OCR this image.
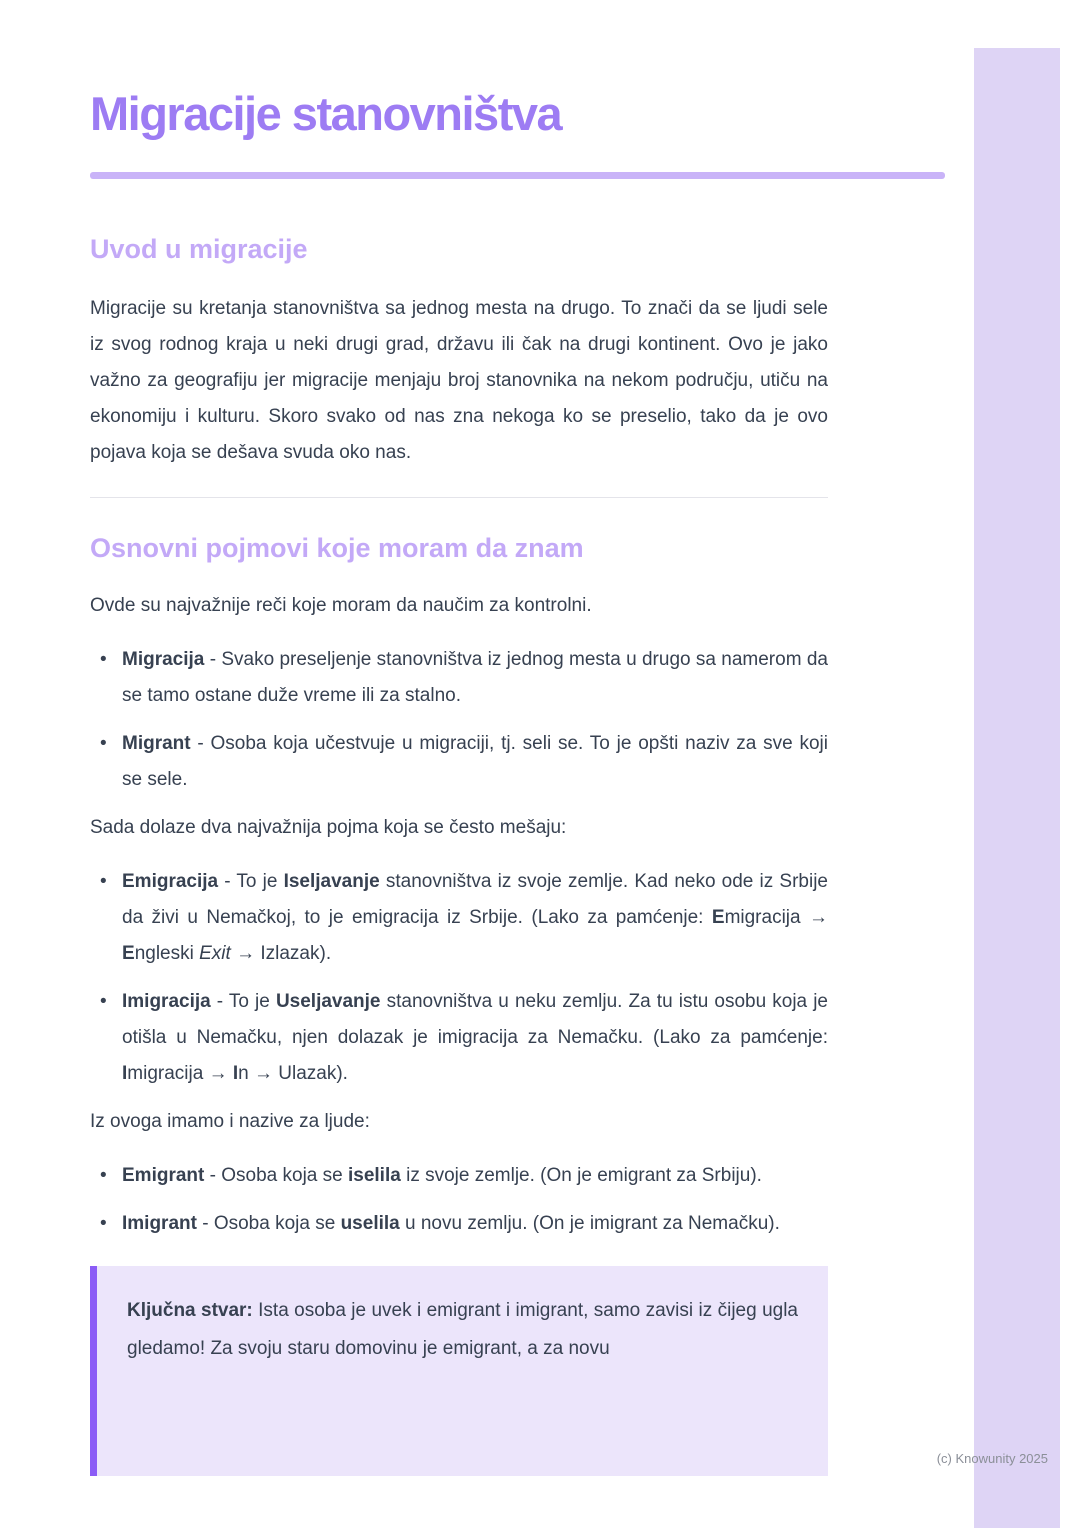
(c) Knowunity 2025
Migracije stanovništva
Uvod u migracije

Migracije su kretanja stanovništva sa jednog mesta na drugo. To znači da se ljudi sele iz svog rodnog kraja u neki drugi grad, državu ili čak na drugi kontinent. Ovo je jako važno za geografiju jer migracije menjaju broj stanovnika na nekom području, utiču na ekonomiju i kulturu. Skoro svako od nas zna nekoga ko se preselio, tako da je ovo pojava koja se dešava svuda oko nas.

Osnovni pojmovi koje moram da znam

Ovde su najvažnije reči koje moram da naučim za kontrolni.

• Migracija - Svako preseljenje stanovništva iz jednog mesta u drugo sa namerom da se tamo ostane duže vreme ili za stalno.
• Migrant - Osoba koja učestvuje u migraciji, tj. seli se. To je opšti naziv za sve koji se sele.

Sada dolaze dva najvažnija pojma koja se često mešaju:

• Emigracija - To je Iseljavanje stanovništva iz svoje zemlje. Kad neko ode iz Srbije da živi u Nemačkoj, to je emigracija iz Srbije. (Lako za pamćenje: Emigracija → Engleski Exit → Izlazak).
• Imigracija - To je Useljavanje stanovništva u neku zemlju. Za tu istu osobu koja je otišla u Nemačku, njen dolazak je imigracija za Nemačku. (Lako za pamćenje: Imigracija → In → Ulazak).

Iz ovoga imamo i nazive za ljude:

• Emigrant - Osoba koja se iselila iz svoje zemlje. (On je emigrant za Srbiju).
• Imigrant - Osoba koja se uselila u novu zemlju. (On je imigrant za Nemačku).

Ključna stvar: Ista osoba je uvek i emigrant i imigrant, samo zavisi iz čijeg ugla gledamo! Za svoju staru domovinu je emigrant, a za novu
